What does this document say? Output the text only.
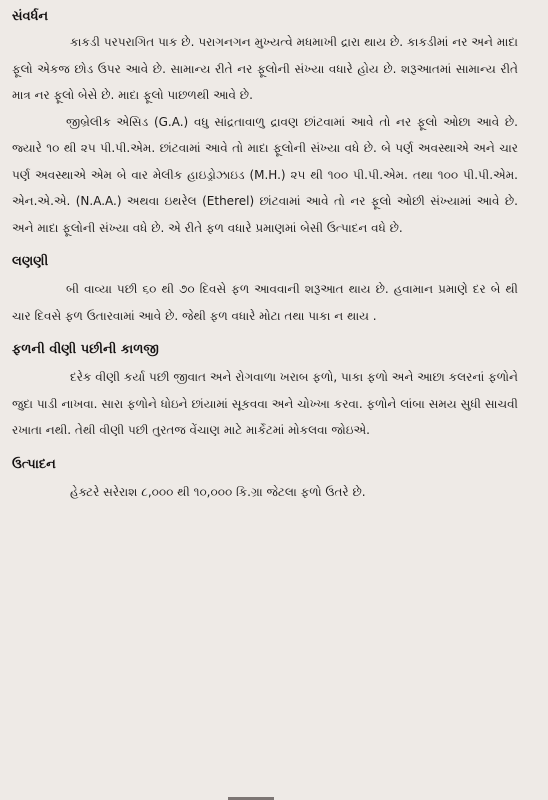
સંવર્ધન

કાકડી પરપરાગિત પાક છે. પરાગનગન મુખ્યત્વે મધમાખી દ્રારા થાય છે. કાકડીમાં નર અને માદા ફૂલો એકજ છોડ ઉપર આવે છે. સામાન્ય રીતે નર ફૂલોની સંખ્યા વધારે હોય છે. શરૂઆતમાં સામાન્ય રીતે માત્ર નર ફૂલો બેસે છે. માદા ફૂલો પાછળથી આવે છે.

જીબ્રેલીક એસિડ (G.A.) વધુ સાંદ્રતાવાળુ દ્રાવણ છાંટવામાં આવે તો નર ફૂલો ઓછા આવે છે. જ્યારે ૧૦ થી ૨૫ પી.પી.એમ. છાંટવામાં આવે તો માદા ફૂલોની સંખ્યા વધે છે. બે પર્ણ અવસ્થાએ અને ચાર પર્ણ અવસ્થાએ એમ બે વાર મેલીક હાઇડ્રોઝાઇડ (M.H.) ૨૫ થી ૧૦૦ પી.પી.એમ. તથા ૧૦૦ પી.પી.એમ. એન.એ.એ. (N.A.A.) અથવા ઇથરેલ (Etherel) છાંટવામાં આવે તો નર ફૂલો ઓછી સંખ્યામાં આવે છે. અને માદા ફૂલોની સંખ્યા વધે છે. એ રીતે ફળ વધારે પ્રમાણમાં બેસી ઉત્પાદન વધે છે.

લણણી

બી વાવ્યા પછી ૬૦ થી ૭૦ દિવસે ફળ આવવાની શરૂઆત થાય છે. હવામાન પ્રમાણે દર બે થી ચાર દિવસે ફળ ઉતારવામાં આવે છે. જેથી ફળ વધારે મોટા તથા પાકા ન થાય .

ફળની વીણી પછીની કાળજી

દરેક વીણી કર્યા પછી જીવાત અને રોગવાળા ખરાબ ફળો, પાકા ફળો અને આછા કલરનાં ફળોને જુદા પાડી નાખવા. સારા ફળોને ધોઇને છાંયામાં સૂકવવા અને ચોખ્ખા કરવા. ફળોને લાંબા સમય સુધી સાચવી રખાતા નથી. તેથી વીણી પછી તુરતજ વેંચાણ માટે માર્કેટમાં મોકલવા જોઇએ.

ઉત્પાદન

હેક્ટરે સરેરાશ ૮,૦૦૦ થી ૧૦,૦૦૦ કિ.ગ્રા જેટલા ફળો ઉતરે છે.
